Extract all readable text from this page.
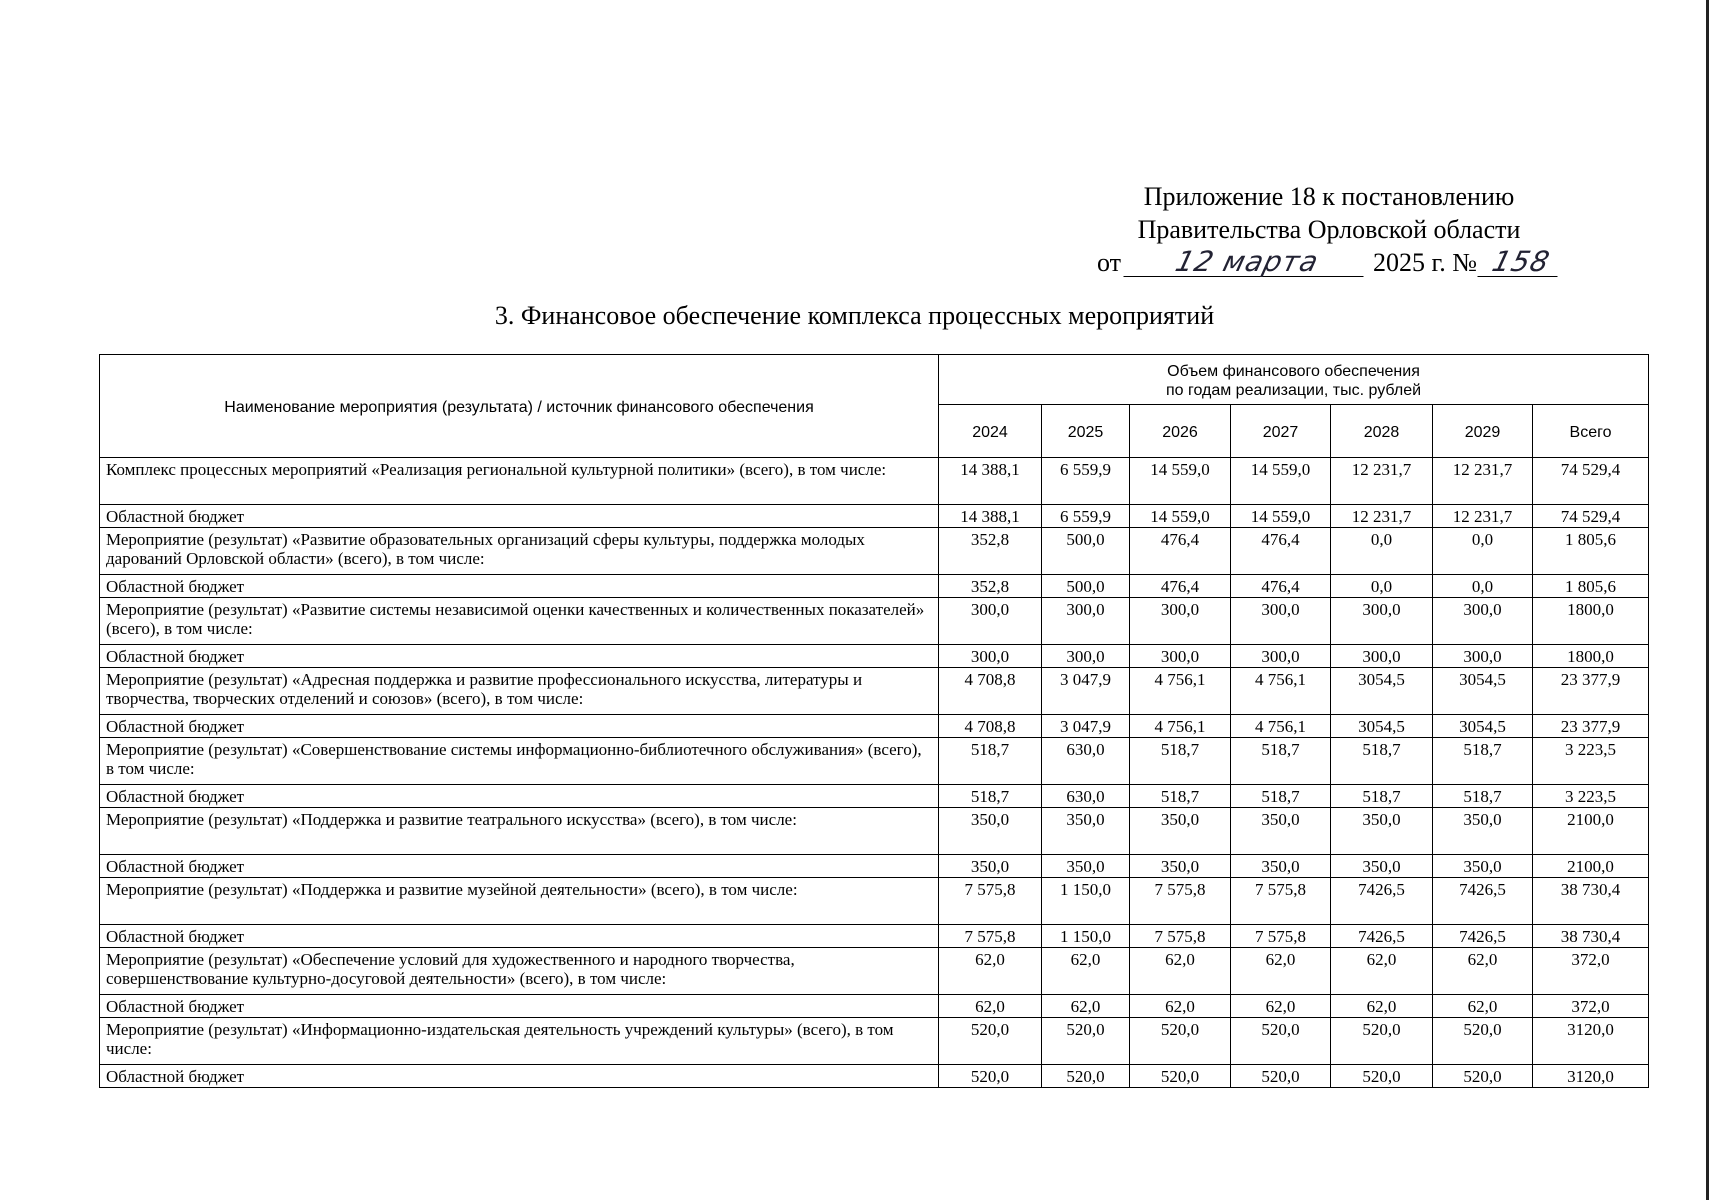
Приложение 18 к постановлению
Правительства Орловской области
от	12 марта	2025 г. № 158
3. Финансовое обеспечение комплекса процессных мероприятий
Наименование мероприятия (результата) / источник финансового обеспечения	Объем финансового обеспечения
по годам реализации, тыс. рублей						

	2024	2025	2026	2027	2028	2029	Всего
Комплекс процессных мероприятий «Реализация региональной культурной политики» (всего), в том числе:	14 388,1	6 559,9	14 559,0	14 559,0	12 231,7	12 231,7	74 529,4
Областной бюджет	14 388,1	6 559,9	14 559,0	14 559,0	12 231,7	12 231,7	74 529,4
Мероприятие (результат) «Развитие образовательных организаций сферы культуры, поддержка молодых дарований Орловской области» (всего), в том числе:	352,8	500,0	476,4	476,4	0,0	0,0	1 805,6
Областной бюджет	352,8	500,0	476,4	476,4	0,0	0,0	1 805,6
Мероприятие (результат) «Развитие системы независимой оценки качественных и количественных показателей» (всего), в том числе:	300,0	300,0	300,0	300,0	300,0	300,0	1800,0
Областной бюджет	300,0	300,0	300,0	300,0	300,0	300,0	1800,0
Мероприятие (результат) «Адресная поддержка и развитие профессионального искусства, литературы и творчества, творческих отделений и союзов» (всего), в том числе:	4 708,8	3 047,9	4 756,1	4 756,1	3054,5	3054,5	23 377,9
Областной бюджет	4 708,8	3 047,9	4 756,1	4 756,1	3054,5	3054,5	23 377,9
Мероприятие (результат) «Совершенствование системы информационно-библиотечного обслуживания» (всего), в том числе:	518,7	630,0	518,7	518,7	518,7	518,7	3 223,5
Областной бюджет	518,7	630,0	518,7	518,7	518,7	518,7	3 223,5
Мероприятие (результат) «Поддержка и развитие театрального искусства» (всего), в том числе:	350,0	350,0	350,0	350,0	350,0	350,0	2100,0
Областной бюджет	350,0	350,0	350,0	350,0	350,0	350,0	2100,0
Мероприятие (результат) «Поддержка и развитие музейной деятельности» (всего), в том числе:	7 575,8	1 150,0	7 575,8	7 575,8	7426,5	7426,5	38 730,4
Областной бюджет	7 575,8	1 150,0	7 575,8	7 575,8	7426,5	7426,5	38 730,4
Мероприятие (результат) «Обеспечение условий для художественного и народного творчества, совершенствование культурно-досуговой деятельности» (всего), в том числе:	62,0	62,0	62,0	62,0	62,0	62,0	372,0
Областной бюджет	62,0	62,0	62,0	62,0	62,0	62,0	372,0
Мероприятие (результат) «Информационно-издательская деятельность учреждений культуры» (всего), в том числе:	520,0	520,0	520,0	520,0	520,0	520,0	3120,0
Областной бюджет	520,0	520,0	520,0	520,0	520,0	520,0	3120,0
